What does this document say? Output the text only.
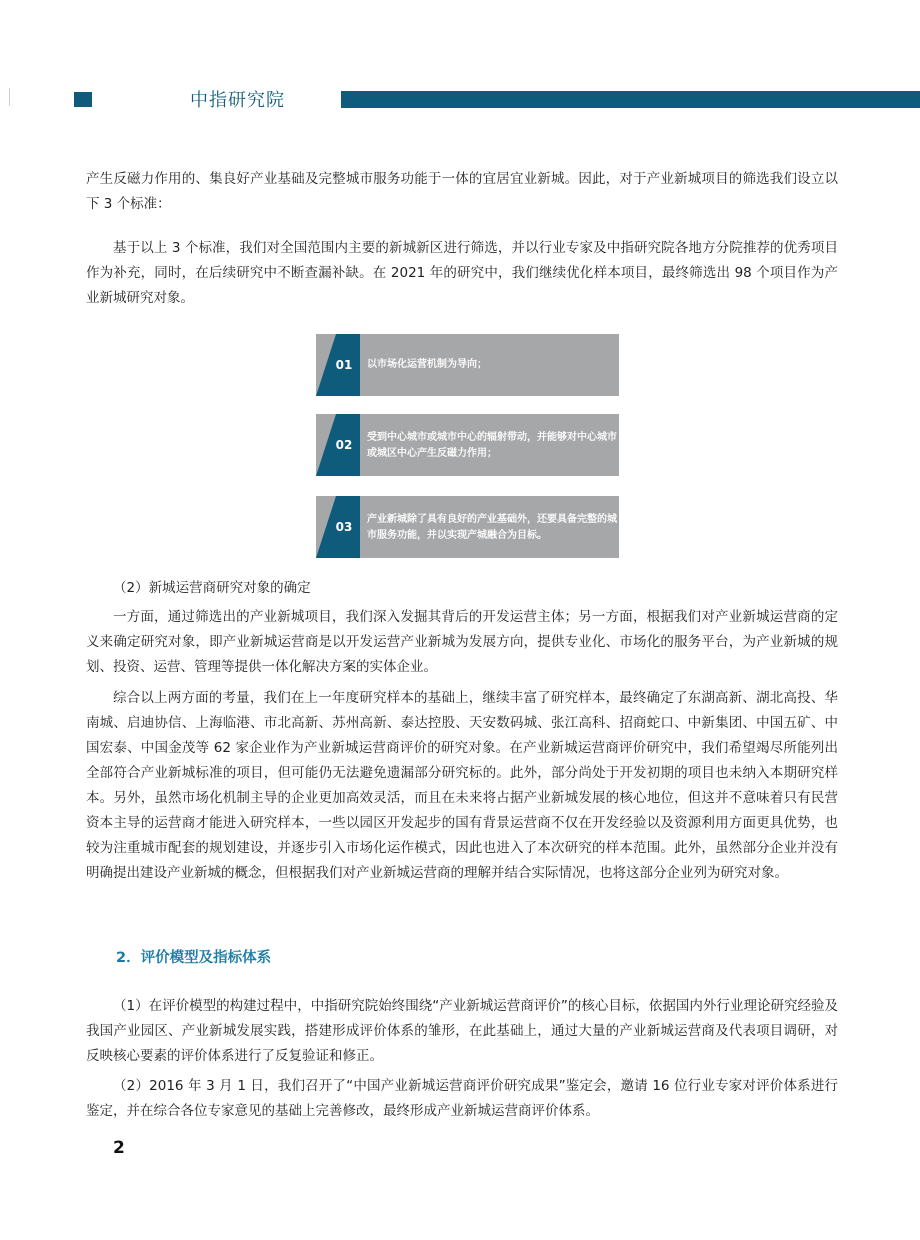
中指研究院

产生反磁力作用的、集良好产业基础及完整城市服务功能于一体的宜居宜业新城。因此，对于产业新城项目的筛选我们设立以下 3 个标准：

基于以上 3 个标准，我们对全国范围内主要的新城新区进行筛选，并以行业专家及中指研究院各地方分院推荐的优秀项目作为补充，同时，在后续研究中不断查漏补缺。在 2021 年的研究中，我们继续优化样本项目，最终筛选出 98 个项目作为产业新城研究对象。

01	以市场化运营机制为导向；
02
受到中心城市或城市中心的辐射带动，并能够对中心城市或城区中心产生反磁力作用；
03
产业新城除了具有良好的产业基础外，还要具备完整的城市服务功能，并以实现产城融合为目标。

（2）新城运营商研究对象的确定

一方面，通过筛选出的产业新城项目，我们深入发掘其背后的开发运营主体；另一方面，根据我们对产业新城运营商的定义来确定研究对象，即产业新城运营商是以开发运营产业新城为发展方向，提供专业化、市场化的服务平台，为产业新城的规划、投资、运营、管理等提供一体化解决方案的实体企业。

综合以上两方面的考量，我们在上一年度研究样本的基础上，继续丰富了研究样本，最终确定了东湖高新、湖北高投、华南城、启迪协信、上海临港、市北高新、苏州高新、泰达控股、天安数码城、张江高科、招商蛇口、中新集团、中国五矿、中国宏泰、中国金茂等 62 家企业作为产业新城运营商评价的研究对象。在产业新城运营商评价研究中，我们希望竭尽所能列出全部符合产业新城标准的项目，但可能仍无法避免遗漏部分研究标的。此外，部分尚处于开发初期的项目也未纳入本期研究样本。另外，虽然市场化机制主导的企业更加高效灵活，而且在未来将占据产业新城发展的核心地位，但这并不意味着只有民营资本主导的运营商才能进入研究样本，一些以园区开发起步的国有背景运营商不仅在开发经验以及资源利用方面更具优势，也较为注重城市配套的规划建设，并逐步引入市场化运作模式，因此也进入了本次研究的样本范围。此外，虽然部分企业并没有明确提出建设产业新城的概念，但根据我们对产业新城运营商的理解并结合实际情况，也将这部分企业列为研究对象。

2．评价模型及指标体系

（1）在评价模型的构建过程中，中指研究院始终围绕“产业新城运营商评价”的核心目标，依据国内外行业理论研究经验及我国产业园区、产业新城发展实践，搭建形成评价体系的雏形，在此基础上，通过大量的产业新城运营商及代表项目调研，对反映核心要素的评价体系进行了反复验证和修正。

（2）2016 年 3 月 1 日，我们召开了“中国产业新城运营商评价研究成果”鉴定会，邀请 16 位行业专家对评价体系进行鉴定，并在综合各位专家意见的基础上完善修改，最终形成产业新城运营商评价体系。

2
